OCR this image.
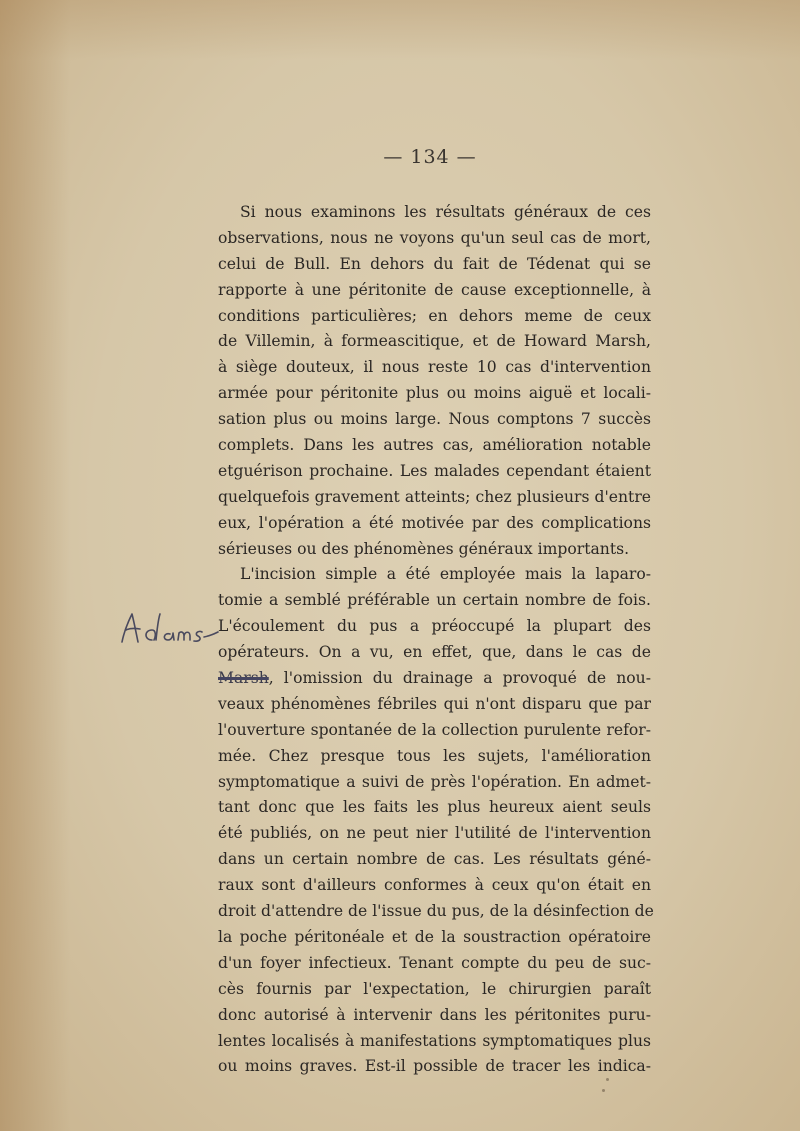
— 134 —
Si nous examinons les résultats généraux de ces
observations, nous ne voyons qu'un seul cas de mort,
celui de Bull. En dehors du fait de Tédenat qui se
rapporte à une péritonite de cause exceptionnelle, à
conditions particulières; en dehors meme de ceux
de Villemin, à formeascitique, et de Howard Marsh,
à siège douteux, il nous reste 10 cas d'intervention
armée pour péritonite plus ou moins aiguë et locali-
sation plus ou moins large. Nous comptons 7 succès
complets. Dans les autres cas, amélioration notable
etguérison prochaine. Les malades cependant étaient
quelquefois gravement atteints; chez plusieurs d'entre
eux, l'opération a été motivée par des complications
sérieuses ou des phénomènes généraux importants.
L'incision simple a été employée mais la laparo-
tomie a semblé préférable un certain nombre de fois.
L'écoulement du pus a préoccupé la plupart des
opérateurs. On a vu, en effet, que, dans le cas de
Marsh, l'omission du drainage a provoqué de nou-
veaux phénomènes fébriles qui n'ont disparu que par
l'ouverture spontanée de la collection purulente refor-
mée. Chez presque tous les sujets, l'amélioration
symptomatique a suivi de près l'opération. En admet-
tant donc que les faits les plus heureux aient seuls
été publiés, on ne peut nier l'utilité de l'intervention
dans un certain nombre de cas. Les résultats géné-
raux sont d'ailleurs conformes à ceux qu'on était en
droit d'attendre de l'issue du pus, de la désinfection de
la poche péritonéale et de la soustraction opératoire
d'un foyer infectieux. Tenant compte du peu de suc-
cès fournis par l'expectation, le chirurgien paraît
donc autorisé à intervenir dans les péritonites puru-
lentes localisés à manifestations symptomatiques plus
ou moins graves. Est-il possible de tracer les indica-
